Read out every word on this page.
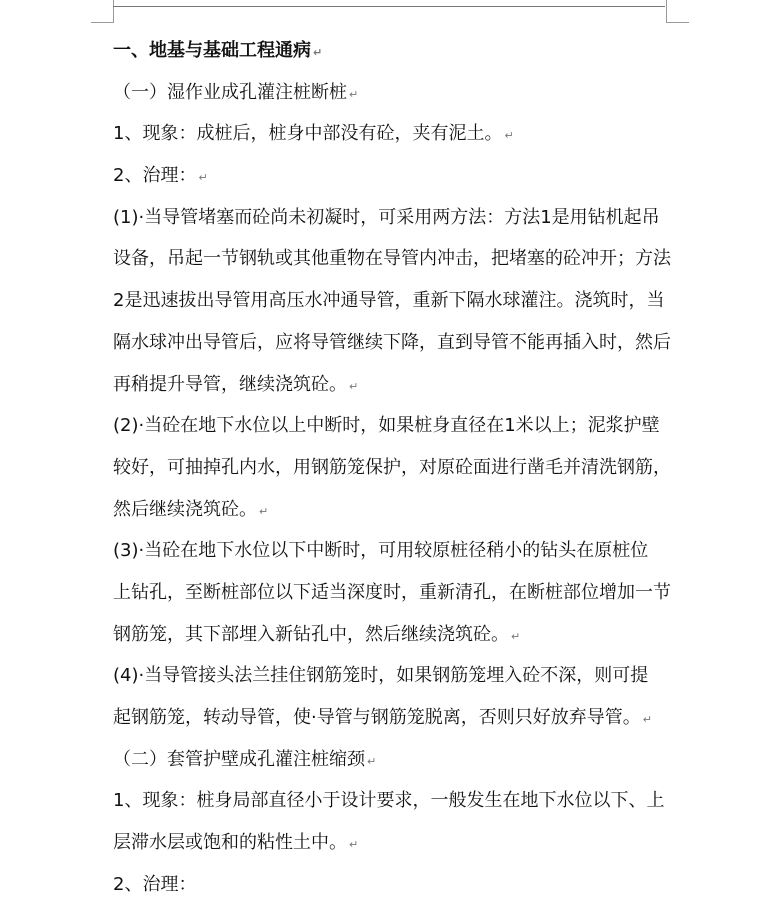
一、地基与基础工程通病 ↵
（一）湿作业成孔灌注桩断桩 ↵
1、现象：成桩后，桩身中部没有砼，夹有泥土。 ↵
2、治理： ↵
(1)·当导管堵塞而砼尚未初凝时，可采用两方法：方法1是用钻机起吊
设备，吊起一节钢轨或其他重物在导管内冲击，把堵塞的砼冲开；方法
2是迅速拔出导管用高压水冲通导管，重新下隔水球灌注。浇筑时，当
隔水球冲出导管后，应将导管继续下降，直到导管不能再插入时，然后
再稍提升导管，继续浇筑砼。 ↵
(2)·当砼在地下水位以上中断时，如果桩身直径在1米以上；泥浆护壁
较好，可抽掉孔内水，用钢筋笼保护，对原砼面进行凿毛并清洗钢筋，
然后继续浇筑砼。 ↵
(3)·当砼在地下水位以下中断时，可用较原桩径稍小的钻头在原桩位
上钻孔，至断桩部位以下适当深度时，重新清孔，在断桩部位增加一节
钢筋笼，其下部埋入新钻孔中，然后继续浇筑砼。 ↵
(4)·当导管接头法兰挂住钢筋笼时，如果钢筋笼埋入砼不深，则可提
起钢筋笼，转动导管，使·导管与钢筋笼脱离，否则只好放弃导管。 ↵
（二）套管护壁成孔灌注桩缩颈 ↵
1、现象：桩身局部直径小于设计要求，一般发生在地下水位以下、上
层滞水层或饱和的粘性土中。 ↵
2、治理：
